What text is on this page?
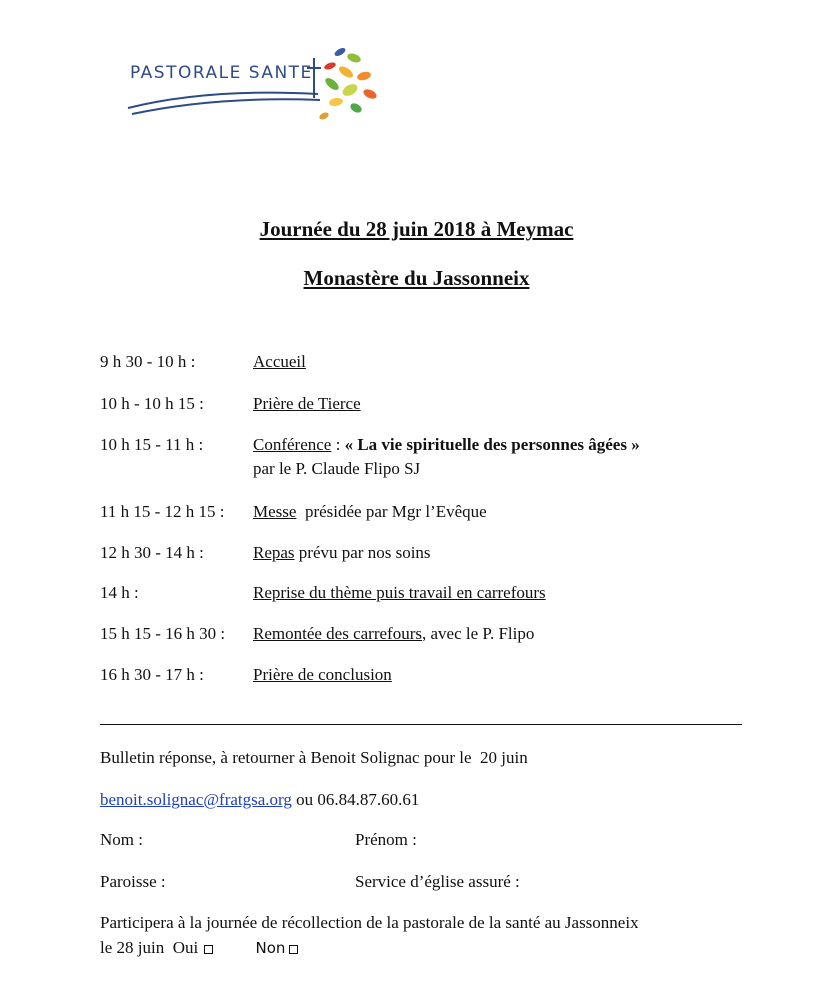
PASTORALE SANTE
Journée du 28 juin 2018 à Meymac
Monastère du Jassonneix
9 h 30 - 10 h :	Accueil
10 h - 10 h 15 :	Prière de Tierce
10 h 15 - 11 h :	Conférence : « La vie spirituelle des personnes âgées »
par le P. Claude Flipo SJ
11 h 15 - 12 h 15 : Messe  présidée par Mgr l’Evêque
12 h 30 - 14 h :	Repas prévu par nos soins
14 h :	Reprise du thème puis travail en carrefours
15 h 15 - 16 h 30 : Remontée des carrefours, avec le P. Flipo
16 h 30 - 17 h :	Prière de conclusion
Bulletin réponse, à retourner à Benoit Solignac pour le  20 juin
benoit.solignac@fratgsa.org ou 06.84.87.60.61
Nom :	Prénom :
Paroisse :	Service d’église assuré :
Participera à la journée de récollection de la pastorale de la santé au Jassonneix
le 28 juin  Oui	Non
